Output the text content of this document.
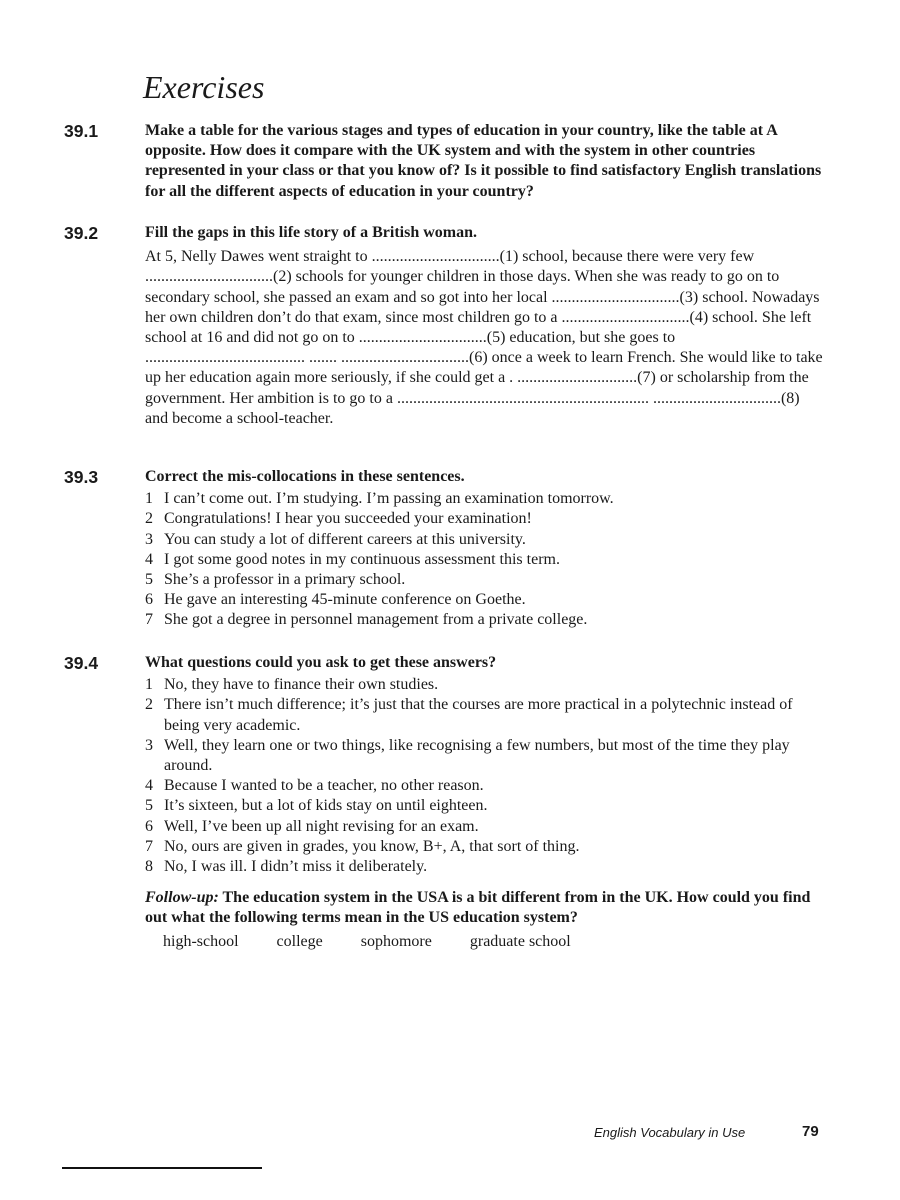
Exercises
39.1	Make a table for the various stages and types of education in your country, like the table at A opposite. How does it compare with the UK system and with the system in other countries represented in your class or that you know of? Is it possible to find satisfactory English translations for all the different aspects of education in your country?

39.2	Fill the gaps in this life story of a British woman.

At 5, Nelly Dawes went straight to ................................(1) school, because there were very few ................................(2) schools for younger children in those days. When she was ready to go on to secondary school, she passed an exam and so got into her local ................................(3) school. Nowadays her own children don’t do that exam, since most children go to a ................................(4) school. She left school at 16 and did not go on to ................................(5) education, but she goes to ........................................ ....... ................................(6) once a week to learn French. She would like to take up her education again more seriously, if she could get a . ..............................(7) or scholarship from the government. Her ambition is to go to a ............................................................... ................................(8) and become a school-teacher.

39.3	Correct the mis-collocations in these sentences.

1 I can’t come out. I’m studying. I’m passing an examination tomorrow.
2 Congratulations! I hear you succeeded your examination!
3 You can study a lot of different careers at this university.
4 I got some good notes in my continuous assessment this term.
5 She’s a professor in a primary school.
6 He gave an interesting 45-minute conference on Goethe.
7 She got a degree in personnel management from a private college.
39.4	What questions could you ask to get these answers?

1 No, they have to finance their own studies.
2 There isn’t much difference; it’s just that the courses are more practical in a polytechnic instead of being very academic.
3 Well, they learn one or two things, like recognising a few numbers, but most of the time they play around.
4 Because I wanted to be a teacher, no other reason.
5 It’s sixteen, but a lot of kids stay on until eighteen.
6 Well, I’ve been up all night revising for an exam.
7 No, ours are given in grades, you know, B+, A, that sort of thing.
8 No, I was ill. I didn’t miss it deliberately.

Follow-up: The education system in the USA is a bit different from in the UK. How could you find out what the following terms mean in the US education system?

high-school college sophomore graduate school
English Vocabulary in Use	79
